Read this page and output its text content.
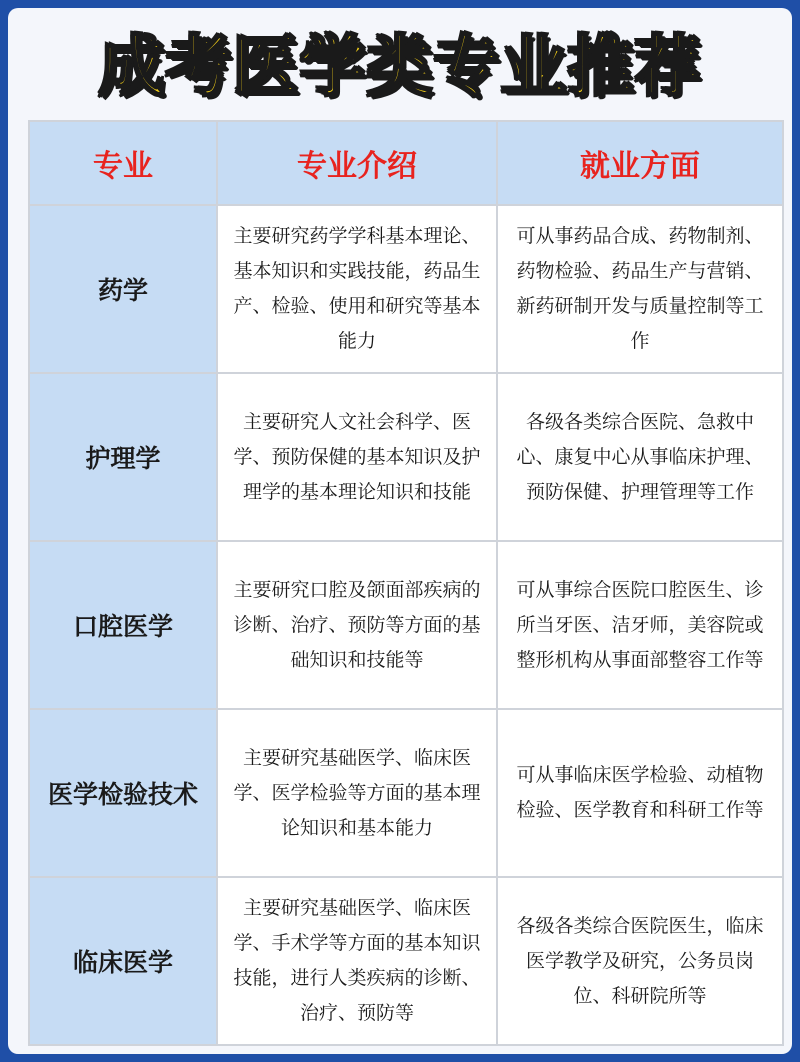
成考医学类专业推荐
专业	专业介绍	就业方面
药学	主要研究药学学科基本理论、基本知识和实践技能，药品生产、检验、使用和研究等基本能力	可从事药品合成、药物制剂、药物检验、药品生产与营销、新药研制开发与质量控制等工作
护理学	主要研究人文社会科学、医学、预防保健的基本知识及护理学的基本理论知识和技能	各级各类综合医院、急救中心、康复中心从事临床护理、预防保健、护理管理等工作
口腔医学	主要研究口腔及颌面部疾病的诊断、治疗、预防等方面的基础知识和技能等	可从事综合医院口腔医生、诊所当牙医、洁牙师，美容院或整形机构从事面部整容工作等
医学检验技术	主要研究基础医学、临床医学、医学检验等方面的基本理论知识和基本能力	可从事临床医学检验、动植物检验、医学教育和科研工作等
临床医学	主要研究基础医学、临床医学、手术学等方面的基本知识技能，进行人类疾病的诊断、治疗、预防等	各级各类综合医院医生，临床医学教学及研究，公务员岗位、科研院所等
